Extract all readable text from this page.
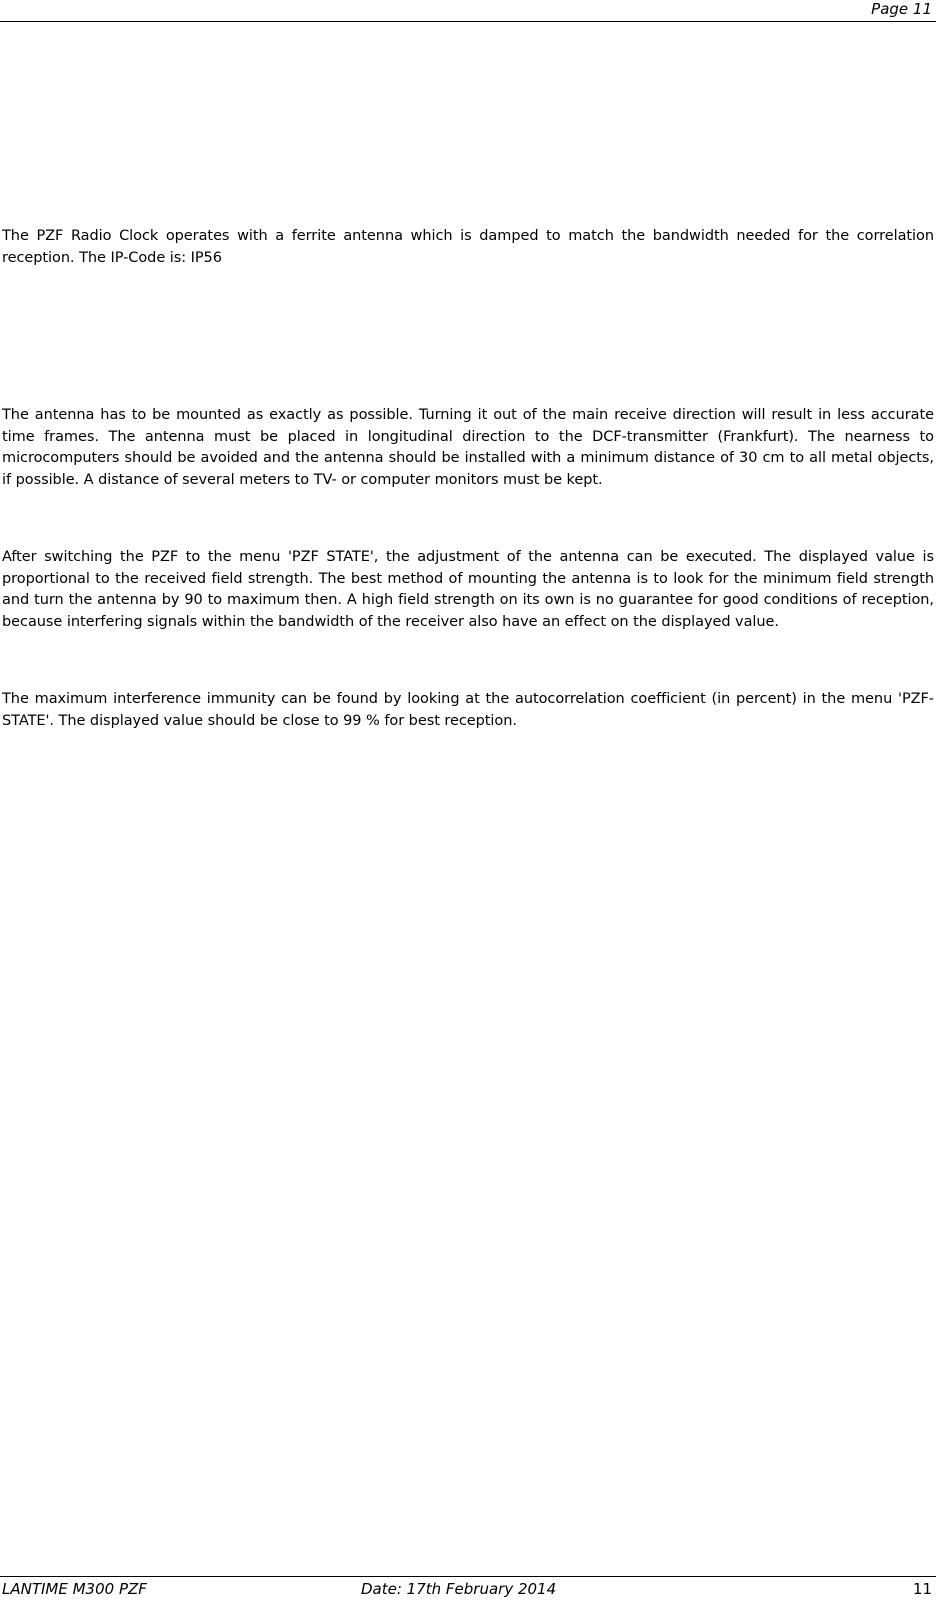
Page 11

The PZF Radio Clock operates with a ferrite antenna which is damped to match the bandwidth needed for the correlation reception. The IP-Code is: IP56

The antenna has to be mounted as exactly as possible. Turning it out of the main receive direction will result in less accurate time frames. The antenna must be placed in longitudinal direction to the DCF-transmitter (Frankfurt). The nearness to microcomputers should be avoided and the antenna should be installed with a minimum distance of 30 cm to all metal objects, if possible. A distance of several meters to TV- or computer monitors must be kept.

After switching the PZF to the menu 'PZF STATE', the adjustment of the antenna can be executed. The displayed value is proportional to the received field strength. The best method of mounting the antenna is to look for the minimum field strength and turn the antenna by 90 to maximum then. A high field strength on its own is no guarantee for good conditions of reception, because interfering signals within the bandwidth of the receiver also have an effect on the displayed value.

The maximum interference immunity can be found by looking at the autocorrelation coefficient (in percent) in the menu 'PZF-STATE'. The displayed value should be close to 99 % for best reception.

LANTIME M300 PZF	Date: 17th February 2014	11
